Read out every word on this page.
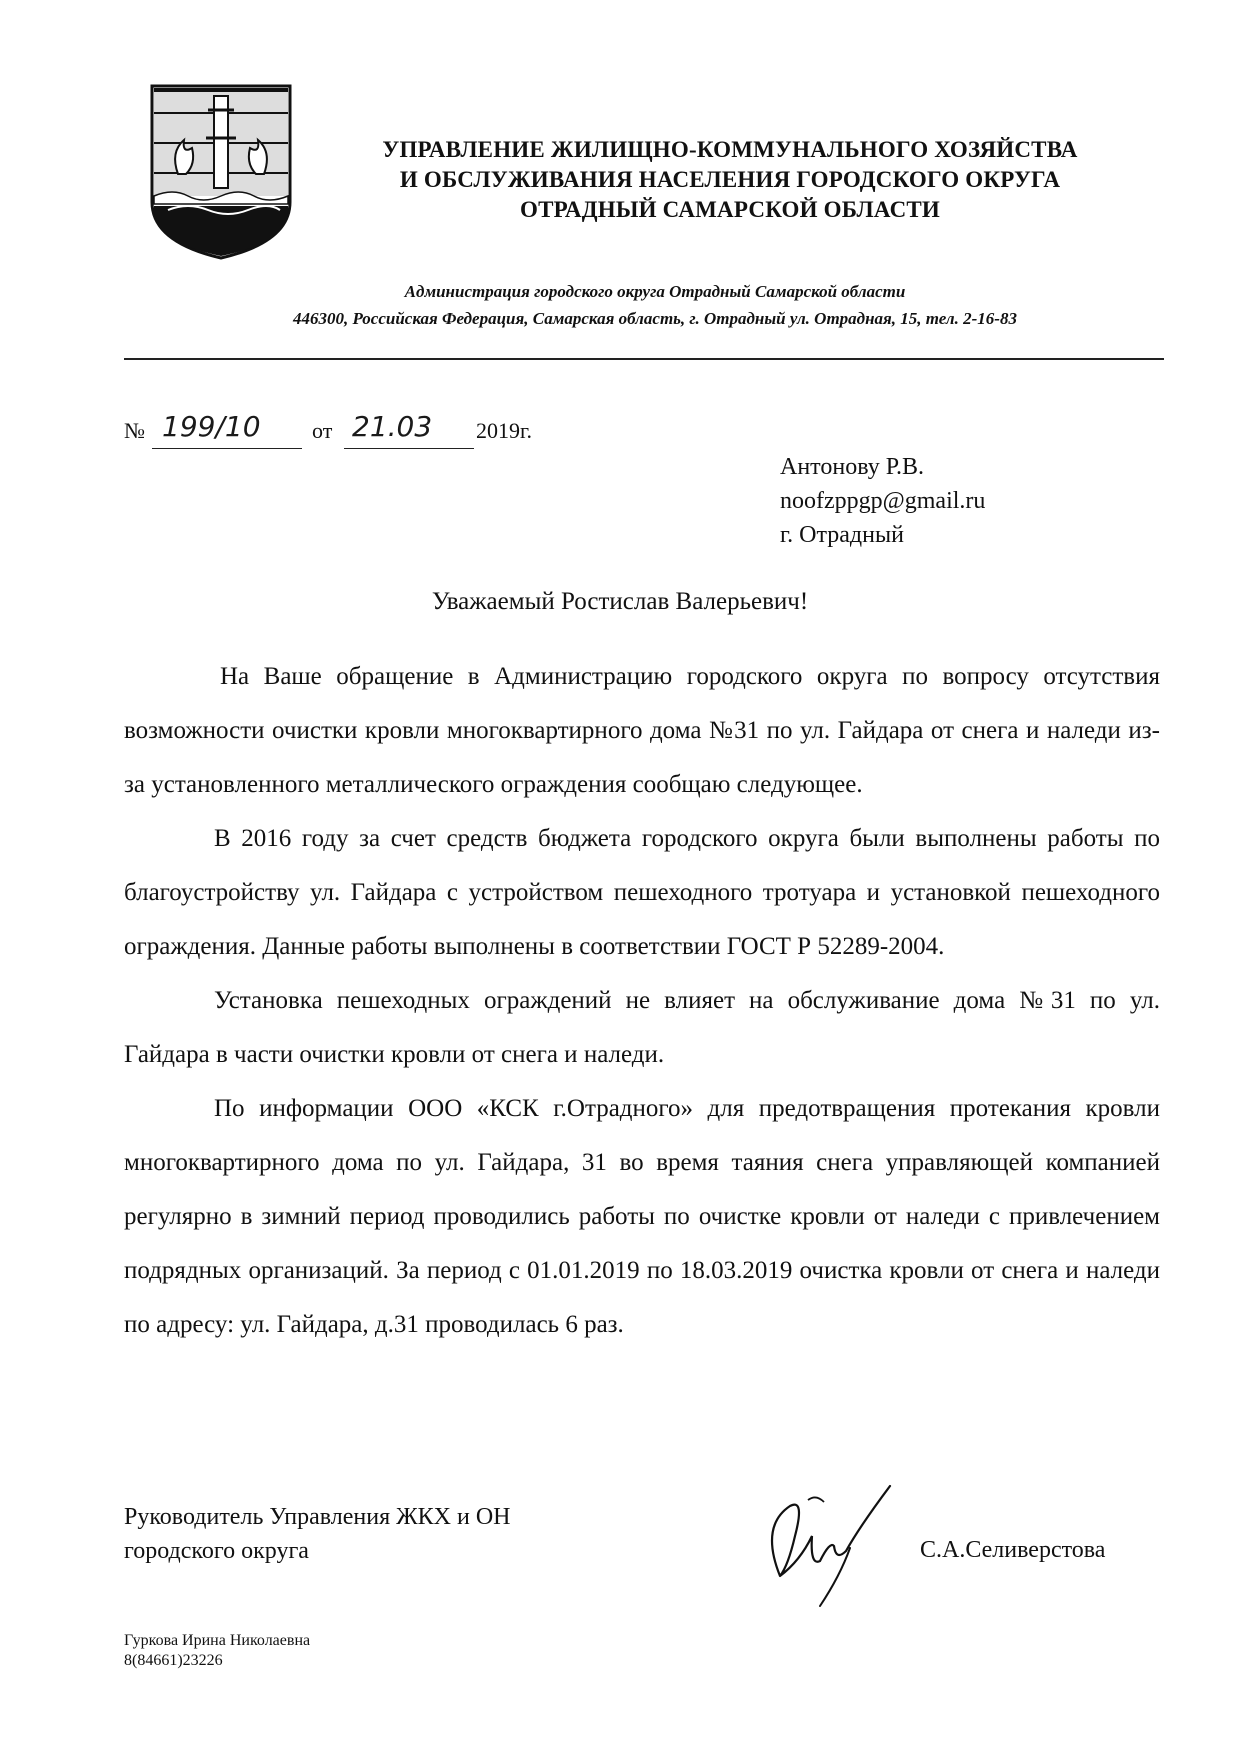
УПРАВЛЕНИЕ ЖИЛИЩНО-КОММУНАЛЬНОГО ХОЗЯЙСТВА
И ОБСЛУЖИВАНИЯ НАСЕЛЕНИЯ ГОРОДСКОГО ОКРУГА
ОТРАДНЫЙ САМАРСКОЙ ОБЛАСТИ
Администрация городского округа Отрадный Самарской области
446300, Российская Федерация, Самарская область, г. Отрадный ул. Отрадная, 15, тел. 2-16-83
№ 199/10 от 21.03 2019г.
Антонову Р.В.
noofzppgp@gmail.ru
г. Отрадный
Уважаемый Ростислав Валерьевич!

На Ваше обращение в Администрацию городского округа по вопросу отсутствия возможности очистки кровли многоквартирного дома №31 по ул. Гайдара от снега и наледи из-за установленного металлического ограждения сообщаю следующее.

В 2016 году за счет средств бюджета городского округа были выполнены работы по благоустройству ул. Гайдара с устройством пешеходного тротуара и установкой пешеходного ограждения. Данные работы выполнены в соответствии ГОСТ Р 52289-2004.

Установка пешеходных ограждений не влияет на обслуживание дома №31 по ул. Гайдара в части очистки кровли от снега и наледи.

По информации ООО «КСК г.Отрадного» для предотвращения протекания кровли многоквартирного дома по ул. Гайдара, 31 во время таяния снега управляющей компанией регулярно в зимний период проводились работы по очистке кровли от наледи с привлечением подрядных организаций. За период с 01.01.2019 по 18.03.2019 очистка кровли от снега и наледи по адресу: ул. Гайдара, д.31 проводилась 6 раз.

Руководитель Управления ЖКХ и ОН
городского округа	С.А.Селиверстова
Гуркова Ирина Николаевна
8(84661)23226
